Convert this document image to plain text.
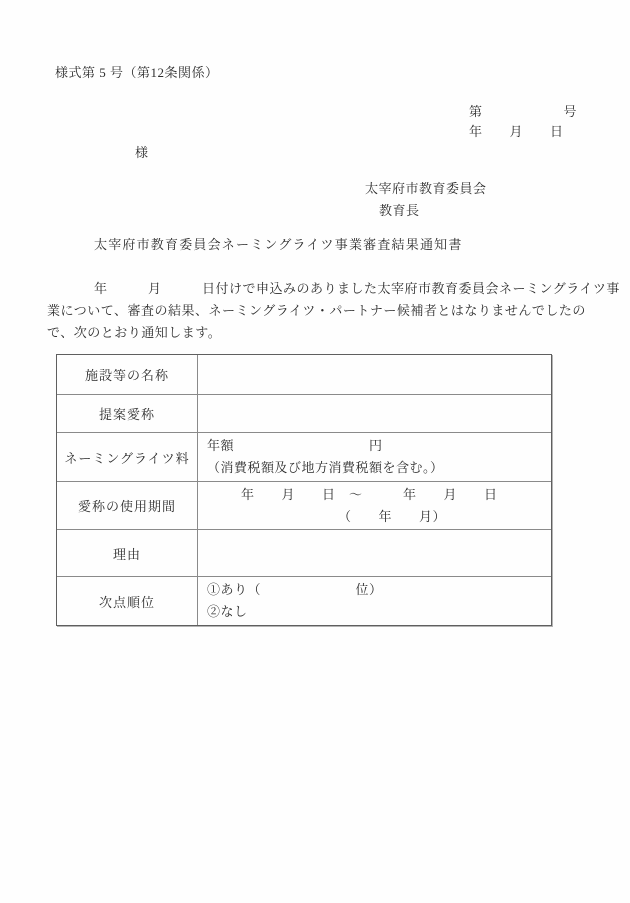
様式第 5 号（第12条関係）
第　　　　　　号
年　　月　　日
様
太宰府市教育委員会
教育長
太宰府市教育委員会ネーミングライツ事業審査結果通知書
年　　　月　　　日付けで申込みのありました太宰府市教育委員会ネーミングライツ事
業について、審査の結果、ネーミングライツ・パートナー候補者とはなりませんでしたの
で、次のとおり通知します。
施設等の名称
提案愛称
ネーミングライツ料
年額　　　　　　　　　　円
（消費税額及び地方消費税額を含む。）
愛称の使用期間
年　　月　　日　～　　　年　　月　　日
（　　年　　月）
理由
次点順位
①あり（　　　　　　　位）
②なし
